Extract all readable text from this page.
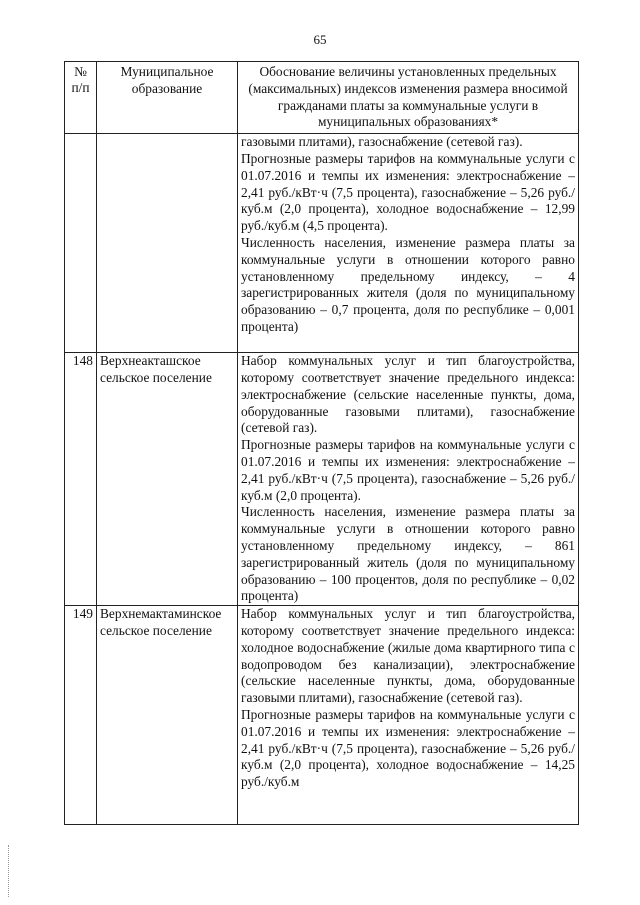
65
№ п/п	Муниципальное образование	Обоснование величины установленных предельных (максимальных) индексов изменения размера вносимой гражданами платы за коммунальные услуги в муниципальных образованиях*

		газовыми плитами), газоснабжение (сетевой газ).
Прогнозные размеры тарифов на коммунальные услуги с 01.07.2016 и темпы их изменения: электроснабжение – 2,41 руб./кВт·ч (7,5 процента), газоснабжение – 5,26 руб./куб.м (2,0 процента), холодное водоснабжение – 12,99 руб./куб.м (4,5 процента).
Численность населения, изменение размера платы за коммунальные услуги в отношении которого равно установленному предельному индексу, – 4 зарегистрированных жителя (доля по муниципальному образованию – 0,7 процента, доля по республике – 0,001 процента)

148	Верхнеакташское сельское поселение	Набор коммунальных услуг и тип благоустройства, которому соответствует значение предельного индекса: электроснабжение (сельские населенные пункты, дома, оборудованные газовыми плитами), газоснабжение (сетевой газ).
Прогнозные размеры тарифов на коммунальные услуги с 01.07.2016 и темпы их изменения: электроснабжение – 2,41 руб./кВт·ч (7,5 процента), газоснабжение – 5,26 руб./куб.м (2,0 процента).
Численность населения, изменение размера платы за коммунальные услуги в отношении которого равно установленному предельному индексу, – 861 зарегистрированный житель (доля по муниципальному образованию – 100 процентов, доля по республике – 0,02 процента)

149	Верхнемактаминское сельское поселение	Набор коммунальных услуг и тип благоустройства, которому соответствует значение предельного индекса: холодное водоснабжение (жилые дома квартирного типа с водопроводом без канализации), электроснабжение (сельские населенные пункты, дома, оборудованные газовыми плитами), газоснабжение (сетевой газ).
Прогнозные размеры тарифов на коммунальные услуги с 01.07.2016 и темпы их изменения: электроснабжение – 2,41 руб./кВт·ч (7,5 процента), газоснабжение – 5,26 руб./куб.м (2,0 процента), холодное водоснабжение – 14,25 руб./куб.м
